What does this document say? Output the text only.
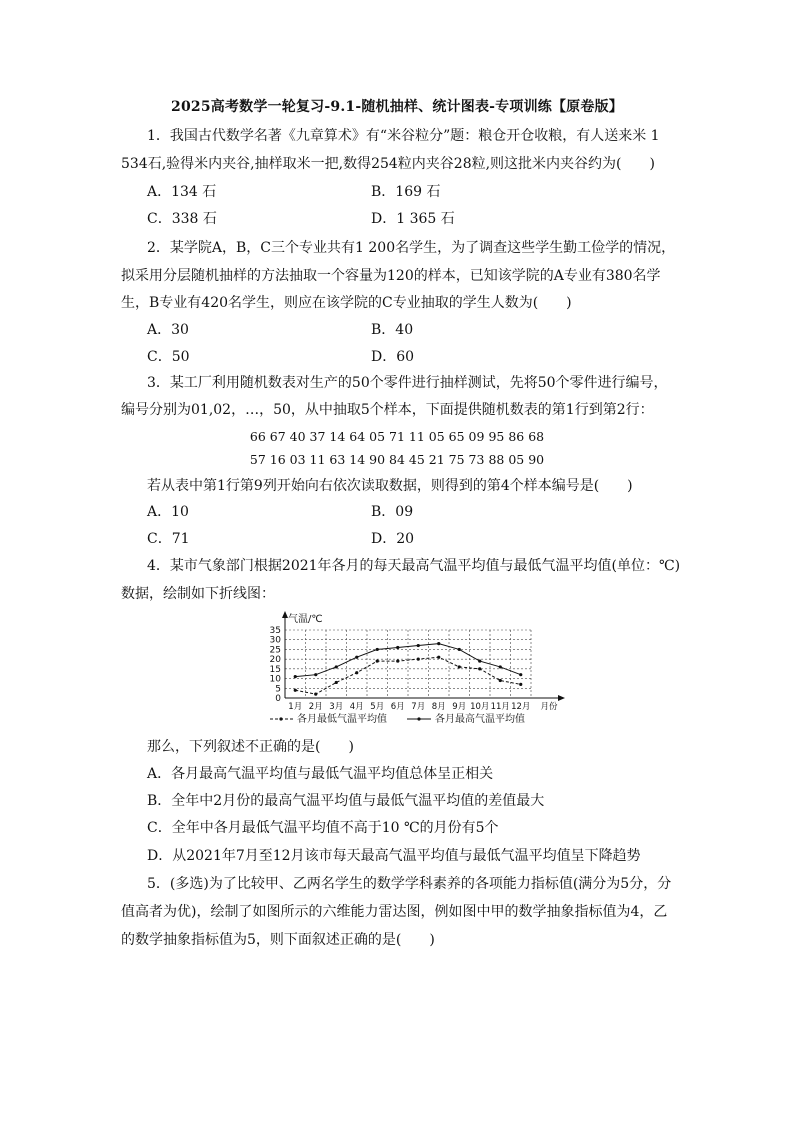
2025高考数学一轮复习-9.1-随机抽样、统计图表-专项训练【原卷版】
1．我国古代数学名著《九章算术》有“米谷粒分”题：粮仓开仓收粮，有人送来米 1
534石,验得米内夹谷,抽样取米一把,数得254粒内夹谷28粒,则这批米内夹谷约为(　　)
A．134 石	B．169 石
C．338 石	D．1 365 石
2．某学院A，B，C三个专业共有1 200名学生，为了调查这些学生勤工俭学的情况，
拟采用分层随机抽样的方法抽取一个容量为120的样本，已知该学院的A专业有380名学
生，B专业有420名学生，则应在该学院的C专业抽取的学生人数为(　　)
A．30	B．40
C．50	D．60
3．某工厂利用随机数表对生产的50个零件进行抽样测试，先将50个零件进行编号，
编号分别为01,02，…，50，从中抽取5个样本，下面提供随机数表的第1行到第2行：
66 67 40 37 14 64 05 71 11 05 65 09 95 86 68
57 16 03 11 63 14 90 84 45 21 75 73 88 05 90
若从表中第1行第9列开始向右依次读取数据，则得到的第4个样本编号是(　　)
A．10	B．09
C．71	D．20
4．某市气象部门根据2021年各月的每天最高气温平均值与最低气温平均值(单位：℃)
数据，绘制如下折线图：
0
5
10
15
20
25
30
35
气温/℃
1月 2月 3月 4月 5月 6月 7月 8月 9月 10月 11月 12月 月份
各月最低气温平均值	各月最高气温平均值
那么，下列叙述不正确的是(　　)
A．各月最高气温平均值与最低气温平均值总体呈正相关
B．全年中2月份的最高气温平均值与最低气温平均值的差值最大
C．全年中各月最低气温平均值不高于10 ℃的月份有5个
D．从2021年7月至12月该市每天最高气温平均值与最低气温平均值呈下降趋势
5．(多选)为了比较甲、乙两名学生的数学学科素养的各项能力指标值(满分为5分，分
值高者为优)，绘制了如图所示的六维能力雷达图，例如图中甲的数学抽象指标值为4，乙
的数学抽象指标值为5，则下面叙述正确的是(　　)
